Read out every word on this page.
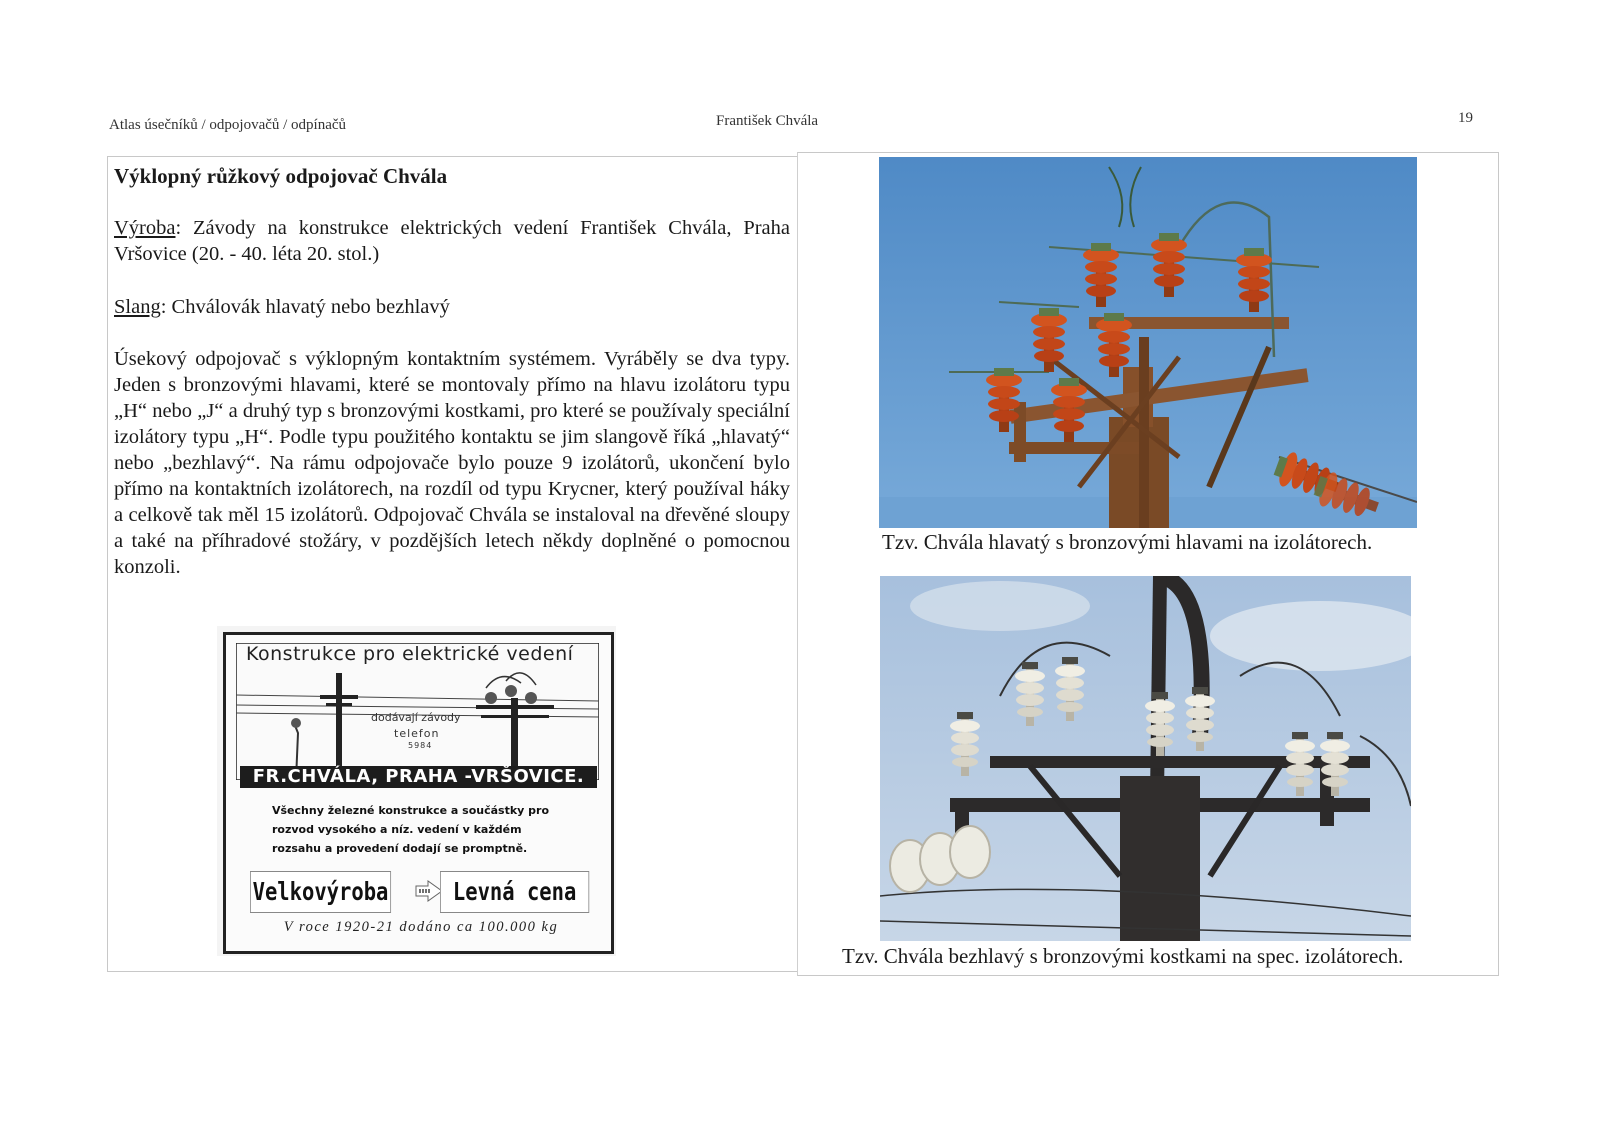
Atlas úsečníků / odpojovačů / odpínačů	František Chvála	19
Výklopný růžkový odpojovač Chvála
Výroba: Závody na konstrukce elektrických vedení František Chvála, Praha Vršovice (20. - 40. léta 20. stol.)
Slang: Chválovák hlavatý nebo bezhlavý
Úsekový odpojovač s výklopným kontaktním systémem. Vyráběly se dva typy. Jeden s bronzovými hlavami, které se montovaly přímo na hlavu izolátoru typu „H“ nebo „J“ a druhý typ s bronzovými kostkami, pro které se používaly speciální izolátory typu „H“. Podle typu použitého kontaktu se jim slangově říká „hlavatý“ nebo „bezhlavý“. Na rámu odpojovače bylo pouze 9 izolátorů, ukončení bylo přímo na kontaktních izolátorech, na rozdíl od typu Krycner, který používal háky a celkově tak měl 15 izolátorů. Odpojovač Chvála se instaloval na dřevěné sloupy a také na příhradové stožáry, v pozdějších letech někdy doplněné o pomocnou konzoli.
Konstrukce pro elektrické vedení
dodávají závody
telefon
5984
FR.CHVÁLA, PRAHA -VRŠOVICE.
Všechny železné konstrukce a součástky pro rozvod vysokého a níz. vedení v každém rozsahu a provedení dodají se promptně.
Velkovýroba	Levná cena
V roce 1920-21 dodáno ca 100.000 kg
Tzv. Chvála hlavatý s bronzovými hlavami na izolátorech.
Tzv. Chvála bezhlavý s bronzovými kostkami na spec. izolátorech.
